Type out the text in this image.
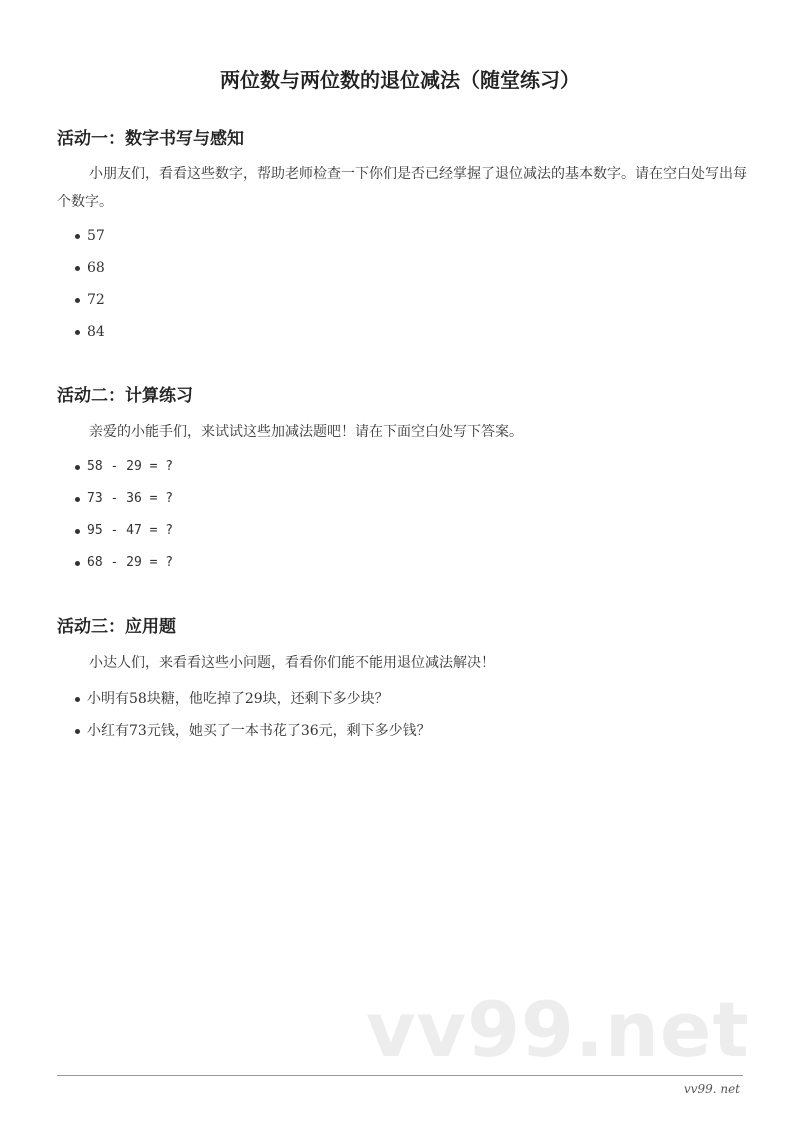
两位数与两位数的退位减法（随堂练习）
活动一：数字书写与感知

小朋友们，看看这些数字，帮助老师检查一下你们是否已经掌握了退位减法的基本数字。请在空白处写出每个数字。

57
68
72
84
活动二：计算练习

亲爱的小能手们，来试试这些加减法题吧！请在下面空白处写下答案。

58 - 29 = ?
73 - 36 = ?
95 - 47 = ?
68 - 29 = ?
活动三：应用题

小达人们，来看看这些小问题，看看你们能不能用退位减法解决！

小明有58块糖，他吃掉了29块，还剩下多少块？
小红有73元钱，她买了一本书花了36元，剩下多少钱？
vv99.net
vv99. net
